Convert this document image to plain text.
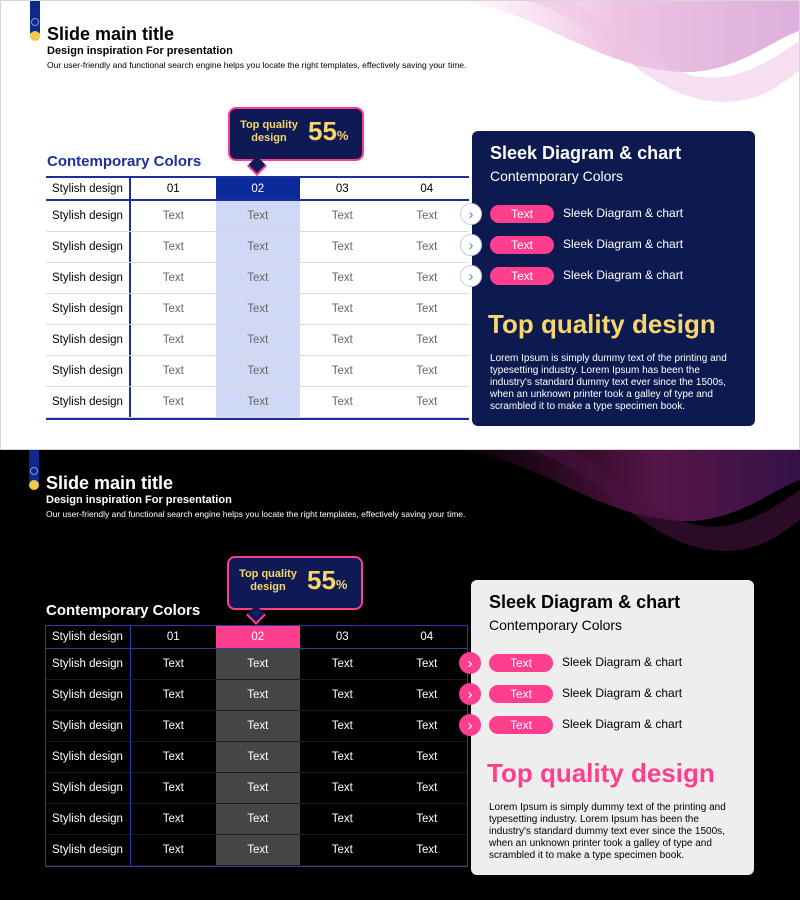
Slide main title
Design inspiration For presentation
Our user-friendly and functional search engine helps you locate the right templates, effectively saving your time.
Top quality design 55%
Contemporary Colors
Stylish design	01	02	03	04
Stylish design	Text	Text	Text	Text
Stylish design	Text	Text	Text	Text
Stylish design	Text	Text	Text	Text
Stylish design	Text	Text	Text	Text
Stylish design	Text	Text	Text	Text
Stylish design	Text	Text	Text	Text
Stylish design	Text	Text	Text	Text
Sleek Diagram & chart
Contemporary Colors
Top quality design
Lorem Ipsum is simply dummy text of the printing and typesetting industry. Lorem Ipsum has been the industry's standard dummy text ever since the 1500s, when an unknown printer took a galley of type and scrambled it to make a type specimen book.
›	Text	Sleek Diagram & chart
›	Text	Sleek Diagram & chart
›	Text	Sleek Diagram & chart
Slide main title
Design inspiration For presentation
Our user-friendly and functional search engine helps you locate the right templates, effectively saving your time.
Top quality design 55%
Contemporary Colors
Stylish design	01	02	03	04
Stylish design	Text	Text	Text	Text
Stylish design	Text	Text	Text	Text
Stylish design	Text	Text	Text	Text
Stylish design	Text	Text	Text	Text
Stylish design	Text	Text	Text	Text
Stylish design	Text	Text	Text	Text
Stylish design	Text	Text	Text	Text
Sleek Diagram & chart
Contemporary Colors
Top quality design
Lorem Ipsum is simply dummy text of the printing and typesetting industry. Lorem Ipsum has been the industry's standard dummy text ever since the 1500s, when an unknown printer took a galley of type and scrambled it to make a type specimen book.
›	Text	Sleek Diagram & chart
›	Text	Sleek Diagram & chart
›	Text	Sleek Diagram & chart
